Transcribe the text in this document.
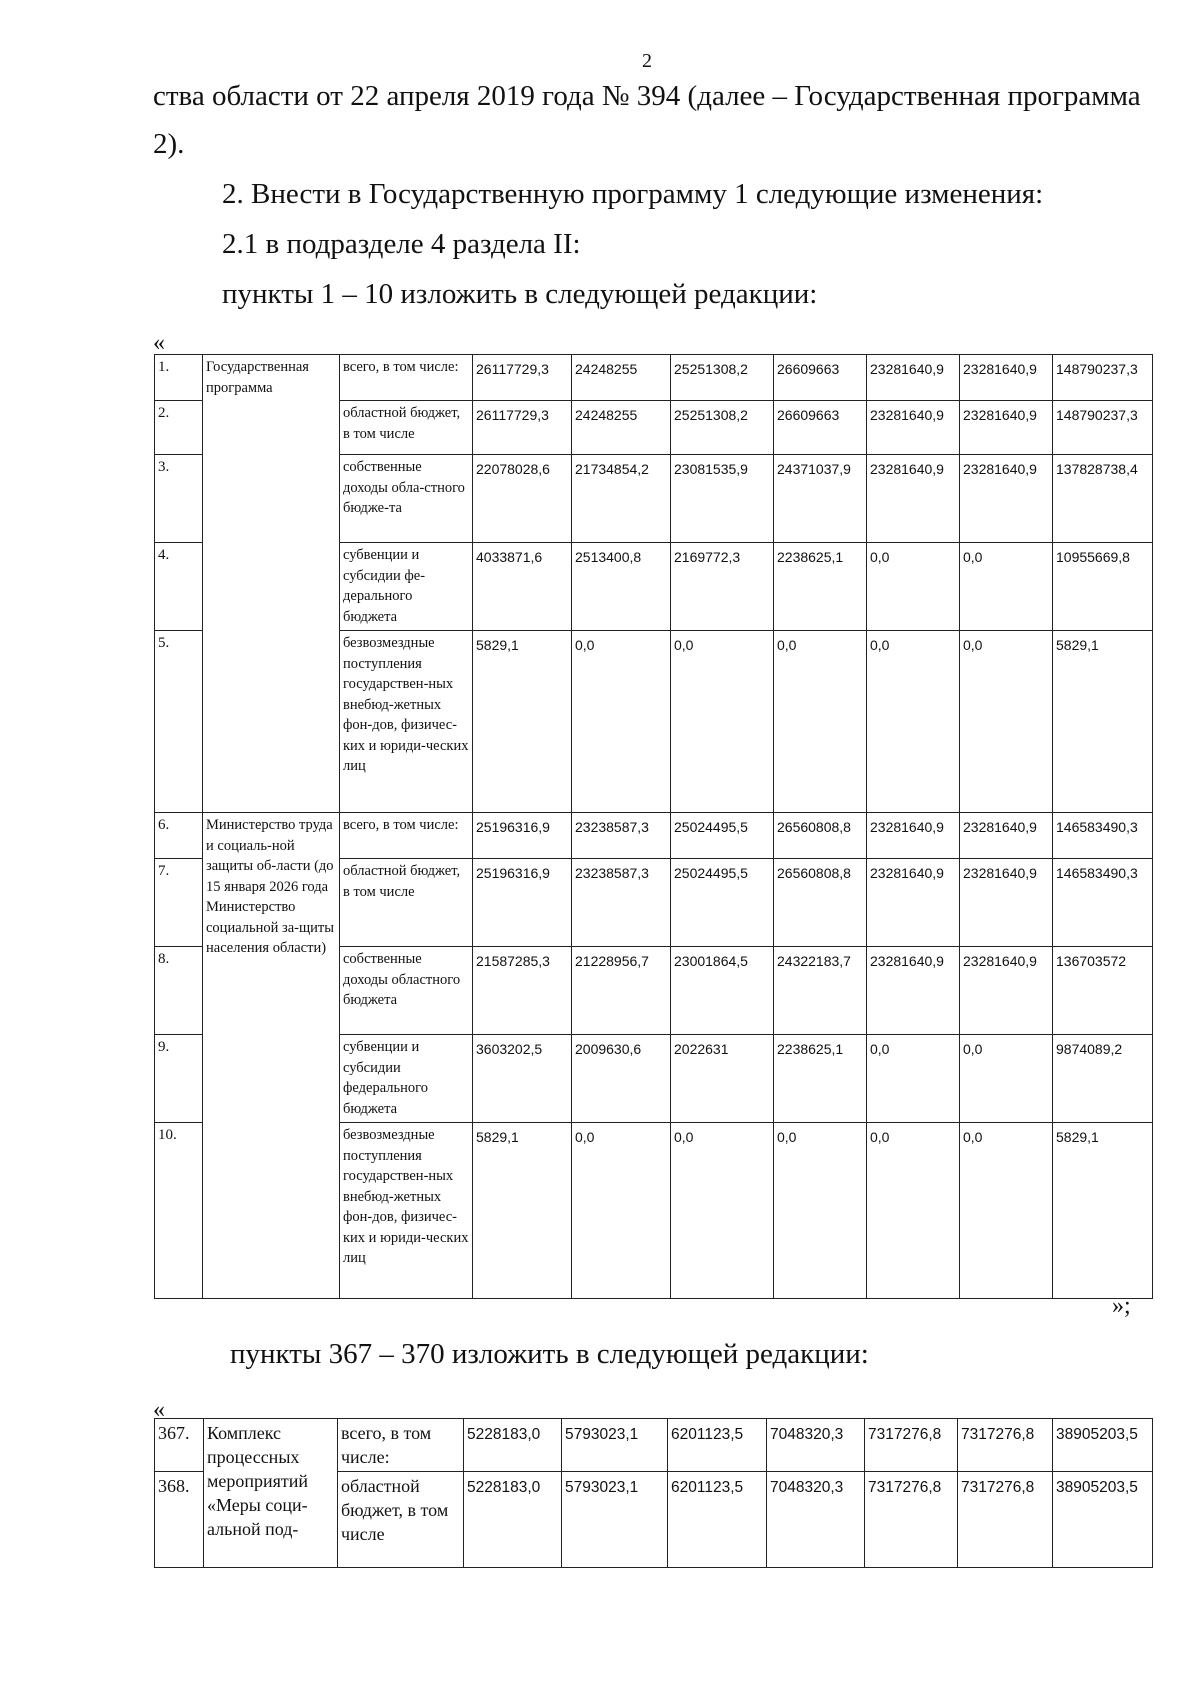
2
ства области от 22 апреля 2019 года № 394 (далее – Государственная программа
2).
2. Внести в Государственную программу 1 следующие изменения:
2.1 в подразделе 4 раздела II:
пункты 1 – 10 изложить в следующей редакции:
«
1.	Государственная программа	всего, в том числе:	26117729,3	24248255	25251308,2	26609663	23281640,9	23281640,9	148790237,3
2.		областной бюджет, в том числе	26117729,3	24248255	25251308,2	26609663	23281640,9	23281640,9	148790237,3
3.		собственные доходы обла-стного бюдже-та	22078028,6	21734854,2	23081535,9	24371037,9	23281640,9	23281640,9	137828738,4
4.		субвенции и субсидии фе-дерального бюджета	4033871,6	2513400,8	2169772,3	2238625,1	0,0	0,0	10955669,8
5.		безвозмездные поступления государствен-ных внебюд-жетных фон-дов, физичес-ких и юриди-ческих лиц	5829,1	0,0	0,0	0,0	0,0	0,0	5829,1
6.	Министерство труда и социаль-ной защиты об-ласти (до 15 января 2026 года Министерство социальной за-щиты населения области)	всего, в том числе:	25196316,9	23238587,3	25024495,5	26560808,8	23281640,9	23281640,9	146583490,3
7.		областной бюджет, в том числе	25196316,9	23238587,3	25024495,5	26560808,8	23281640,9	23281640,9	146583490,3
8.		собственные доходы областного бюджета	21587285,3	21228956,7	23001864,5	24322183,7	23281640,9	23281640,9	136703572
9.		субвенции и субсидии федерального бюджета	3603202,5	2009630,6	2022631	2238625,1	0,0	0,0	9874089,2
10.		безвозмездные поступления государствен-ных внебюд-жетных фон-дов, физичес-ких и юриди-ческих лиц	5829,1	0,0	0,0	0,0	0,0	0,0	5829,1
»;
пункты 367 – 370 изложить в следующей редакции:
«
367.	Комплекс процессных мероприятий «Меры соци-альной под-	всего, в том числе:	5228183,0	5793023,1	6201123,5	7048320,3	7317276,8	7317276,8	38905203,5
368.		областной бюджет, в том числе	5228183,0	5793023,1	6201123,5	7048320,3	7317276,8	7317276,8	38905203,5
